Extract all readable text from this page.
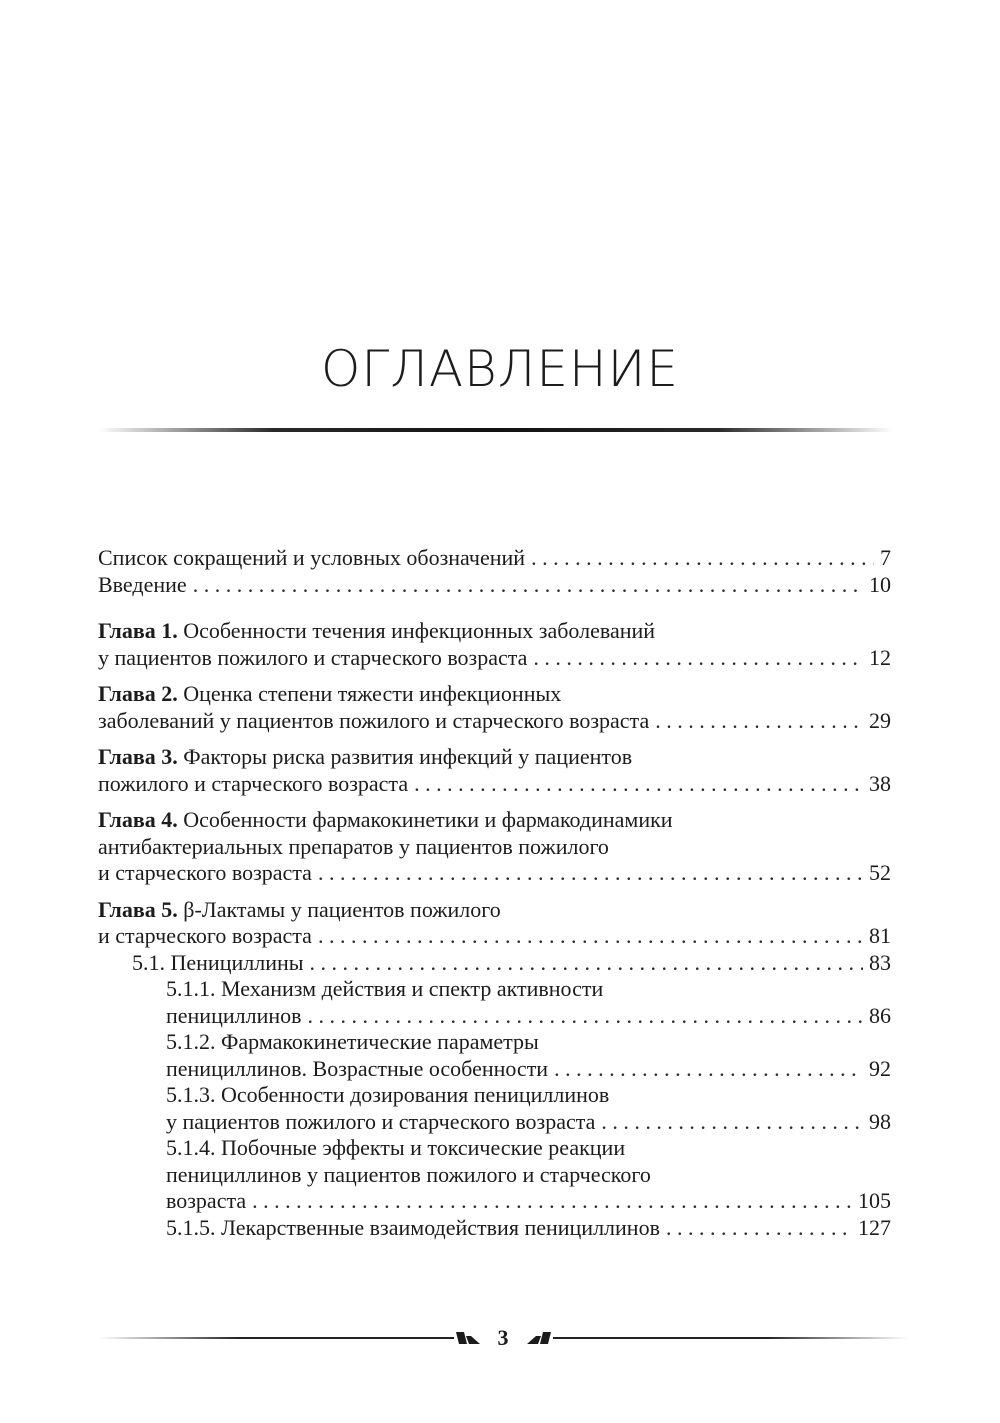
ОГЛАВЛЕНИЕ
Список сокращений и условных обозначений . . .	7
Введение . . .	10
Глава 1. Особенности течения инфекционных заболеваний
у пациентов пожилого и старческого возраста . . .	12
Глава 2. Оценка степени тяжести инфекционных
заболеваний у пациентов пожилого и старческого возраста . . .	29
Глава 3. Факторы риска развития инфекций у пациентов
пожилого и старческого возраста . . .	38
Глава 4. Особенности фармакокинетики и фармакодинамики
антибактериальных препаратов у пациентов пожилого
и старческого возраста . . .	52
Глава 5. β-Лактамы у пациентов пожилого
и старческого возраста . . .	81
5.1. Пенициллины . . .	83
5.1.1. Механизм действия и спектр активности
пенициллинов . . .	86
5.1.2. Фармакокинетические параметры
пенициллинов. Возрастные особенности . . .	92
5.1.3. Особенности дозирования пенициллинов
у пациентов пожилого и старческого возраста . . .	98
5.1.4. Побочные эффекты и токсические реакции
пенициллинов у пациентов пожилого и старческого
возраста . . .	105
5.1.5. Лекарственные взаимодействия пенициллинов . . .	127
3
